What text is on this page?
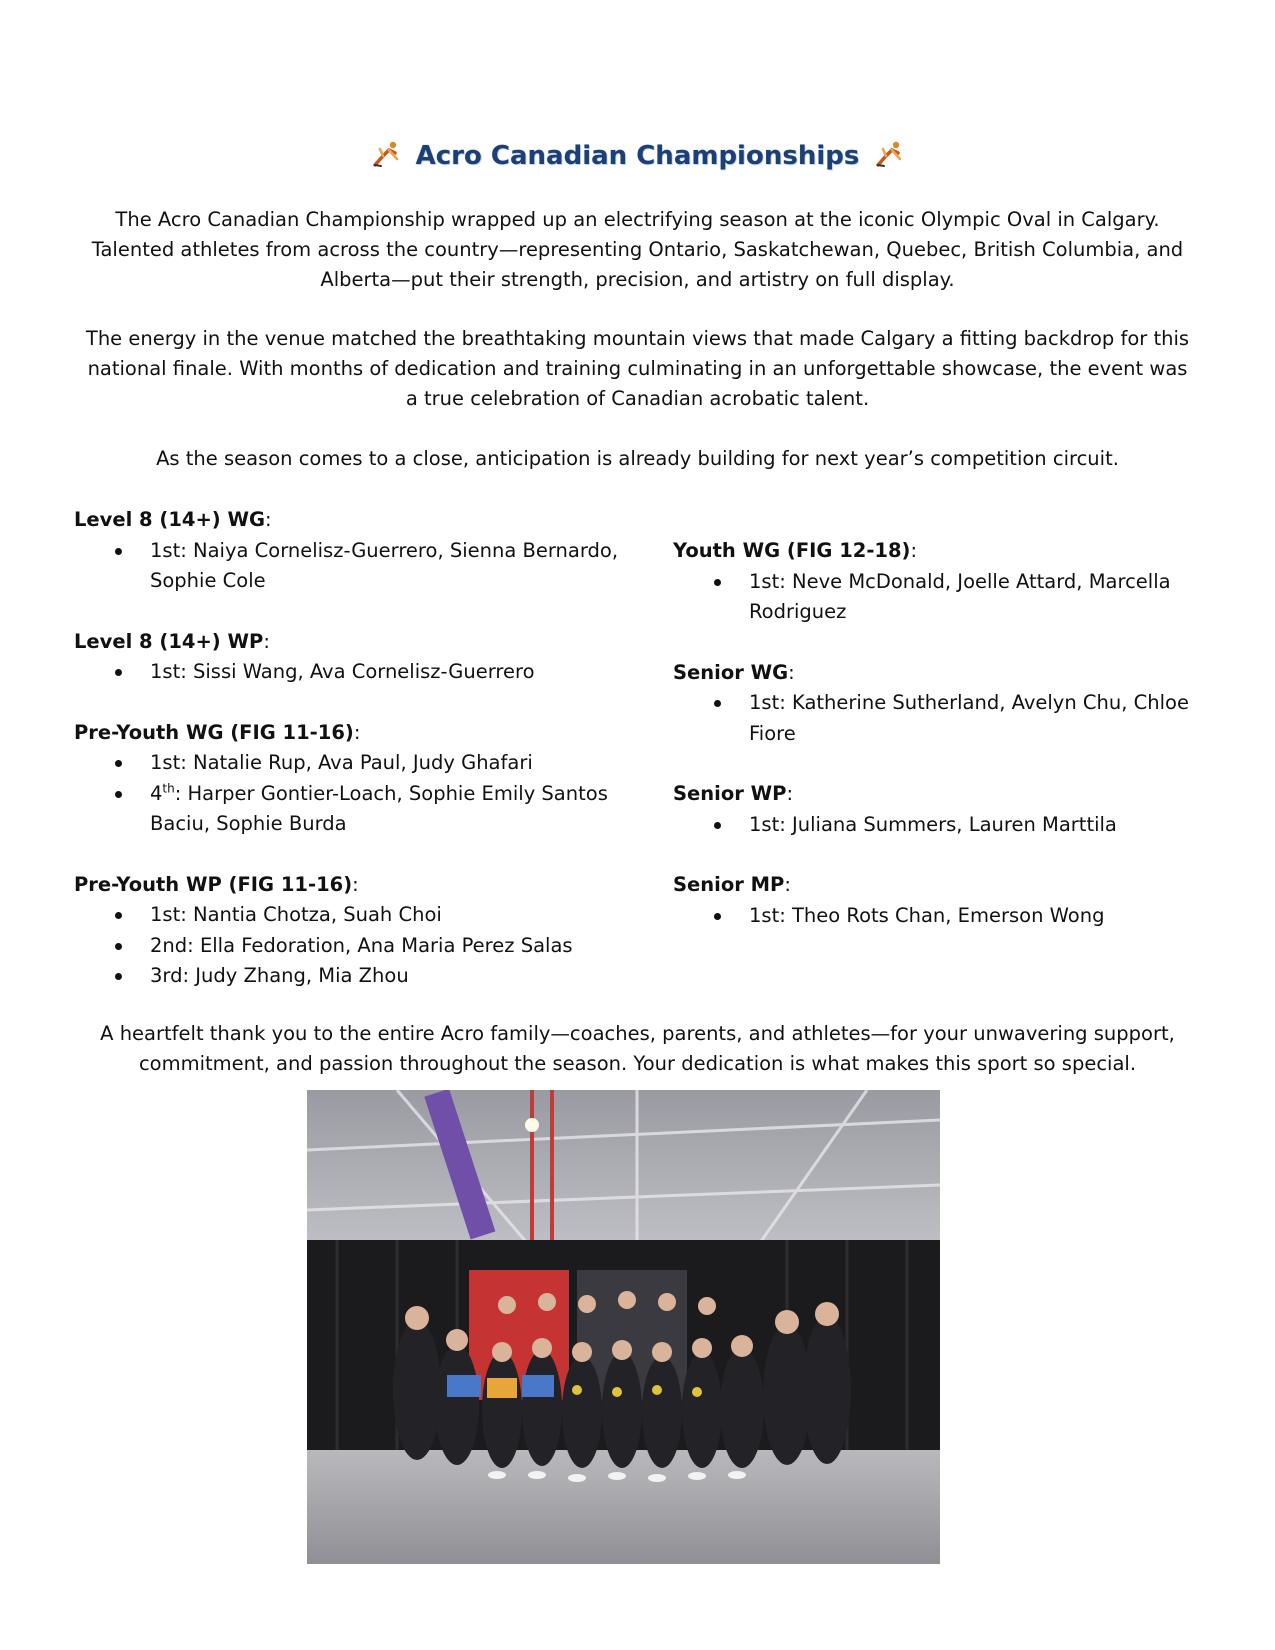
Acro Canadian Championships

The Acro Canadian Championship wrapped up an electrifying season at the iconic Olympic Oval in Calgary. Talented athletes from across the country—representing Ontario, Saskatchewan, Quebec, British Columbia, and Alberta—put their strength, precision, and artistry on full display.

The energy in the venue matched the breathtaking mountain views that made Calgary a fitting backdrop for this national finale. With months of dedication and training culminating in an unforgettable showcase, the event was a true celebration of Canadian acrobatic talent.

As the season comes to a close, anticipation is already building for next year’s competition circuit.

Level 8 (14+) WG:

1st: Naiya Cornelisz-Guerrero, Sienna Bernardo, Sophie Cole

Level 8 (14+) WP:

1st: Sissi Wang, Ava Cornelisz-Guerrero

Pre-Youth WG (FIG 11-16):

1st: Natalie Rup, Ava Paul, Judy Ghafari
4th: Harper Gontier-Loach, Sophie Emily Santos Baciu, Sophie Burda

Pre-Youth WP (FIG 11-16):

1st: Nantia Chotza, Suah Choi
2nd: Ella Fedoration, Ana Maria Perez Salas
3rd: Judy Zhang, Mia Zhou

Youth WG (FIG 12-18):

1st: Neve McDonald, Joelle Attard, Marcella Rodriguez

Senior WG:

1st: Katherine Sutherland, Avelyn Chu, Chloe Fiore

Senior WP:

1st: Juliana Summers, Lauren Marttila

Senior MP:

1st: Theo Rots Chan, Emerson Wong

A heartfelt thank you to the entire Acro family—coaches, parents, and athletes—for your unwavering support, commitment, and passion throughout the season. Your dedication is what makes this sport so special.
